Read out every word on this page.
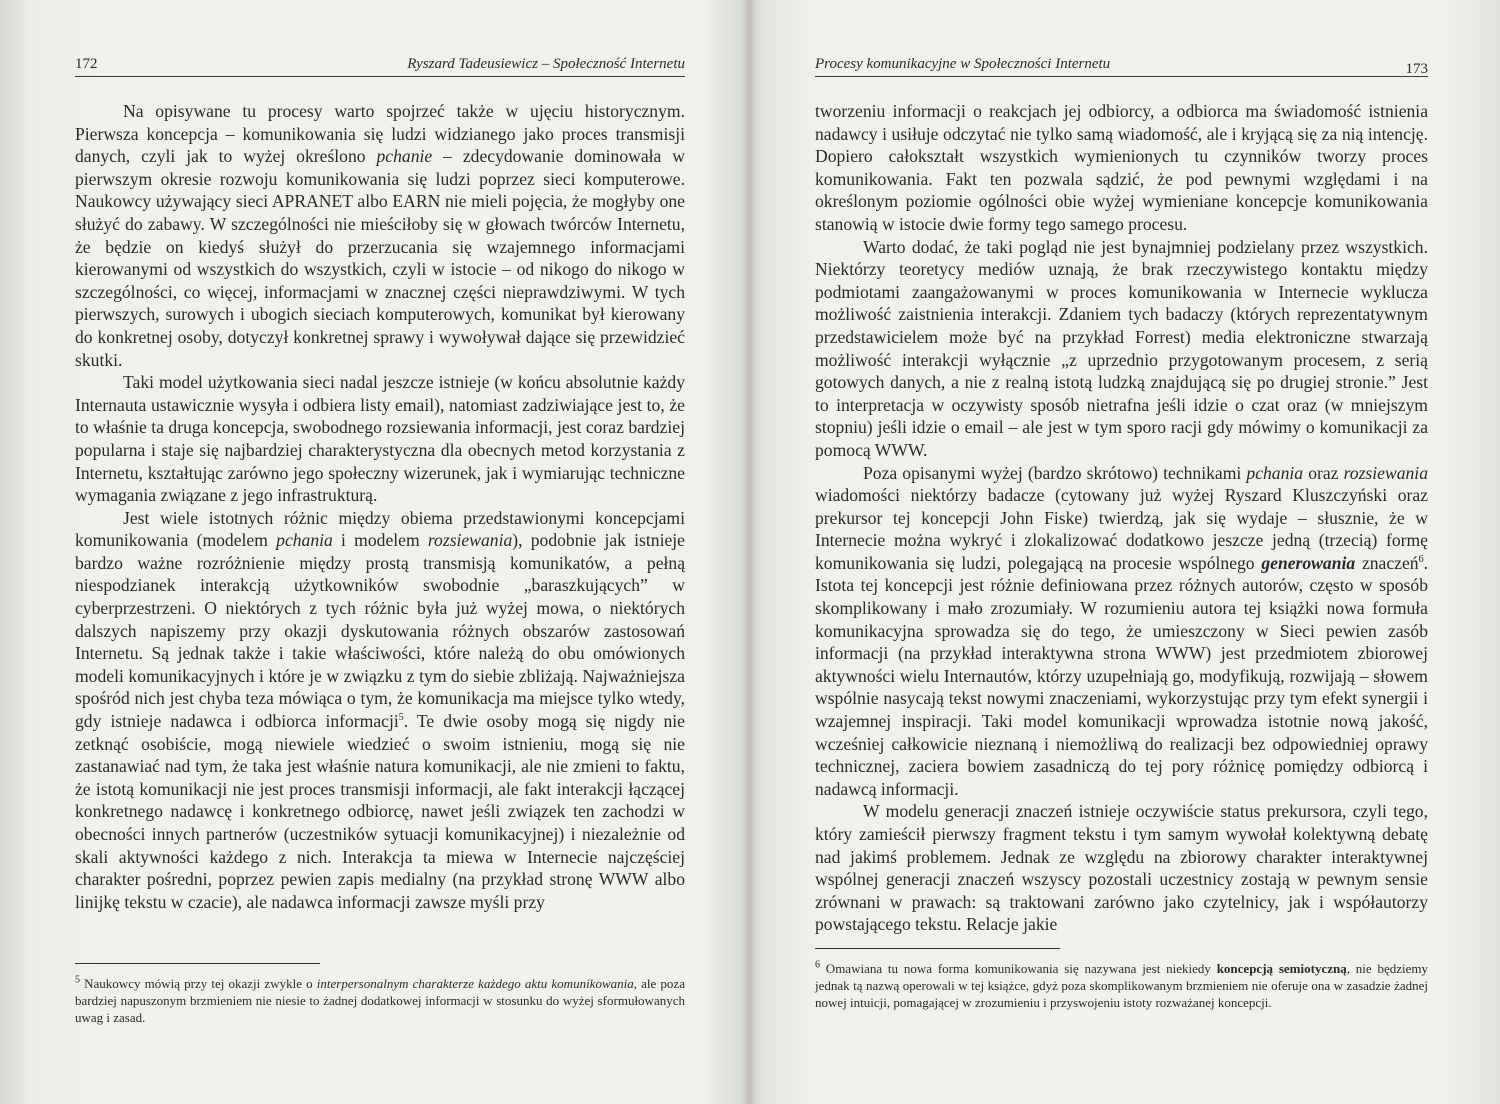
172	Ryszard Tadeusiewicz – Społeczność Internetu

Na opisywane tu procesy warto spojrzeć także w ujęciu historycznym. Pierwsza koncepcja – komunikowania się ludzi widzianego jako proces transmisji danych, czyli jak to wyżej określono pchanie – zdecydowanie dominowała w pierwszym okresie rozwoju komunikowania się ludzi poprzez sieci komputerowe. Naukowcy używający sieci APRANET albo EARN nie mieli pojęcia, że mogłyby one służyć do zabawy. W szczególności nie mieściłoby się w głowach twórców Internetu, że będzie on kiedyś służył do przerzucania się wzajemnego informacjami kierowanymi od wszystkich do wszystkich, czyli w istocie – od nikogo do nikogo w szczególności, co więcej, informacjami w znacznej części nieprawdziwymi. W tych pierwszych, surowych i ubogich sieciach komputerowych, komunikat był kierowany do konkretnej osoby, dotyczył konkretnej sprawy i wywoływał dające się przewidzieć skutki.

Taki model użytkowania sieci nadal jeszcze istnieje (w końcu absolutnie każdy Internauta ustawicznie wysyła i odbiera listy email), natomiast zadziwiające jest to, że to właśnie ta druga koncepcja, swobodnego rozsiewania informacji, jest coraz bardziej popularna i staje się najbardziej charakterystyczna dla obecnych metod korzystania z Internetu, kształtując zarówno jego społeczny wizerunek, jak i wymiarując techniczne wymagania związane z jego infrastrukturą.

Jest wiele istotnych różnic między obiema przedstawionymi koncepcjami komunikowania (modelem pchania i modelem rozsiewania), podobnie jak istnieje bardzo ważne rozróżnienie między prostą transmisją komunikatów, a pełną niespodzianek interakcją użytkowników swobodnie „baraszkujących” w cyberprzestrzeni. O niektórych z tych różnic była już wyżej mowa, o niektórych dalszych napiszemy przy okazji dyskutowania różnych obszarów zastosowań Internetu. Są jednak także i takie właściwości, które należą do obu omówionych modeli komunikacyjnych i które je w związku z tym do siebie zbliżają. Najważniejsza spośród nich jest chyba teza mówiąca o tym, że komunikacja ma miejsce tylko wtedy, gdy istnieje nadawca i odbiorca informacji$^5$. Te dwie osoby mogą się nigdy nie zetknąć osobiście, mogą niewiele wiedzieć o swoim istnieniu, mogą się nie zastanawiać nad tym, że taka jest właśnie natura komunikacji, ale nie zmieni to faktu, że istotą komunikacji nie jest proces transmisji informacji, ale fakt interakcji łączącej konkretnego nadawcę i konkretnego odbiorcę, nawet jeśli związek ten zachodzi w obecności innych partnerów (uczestników sytuacji komunikacyjnej) i niezależnie od skali aktywności każdego z nich. Interakcja ta miewa w Internecie najczęściej charakter pośredni, poprzez pewien zapis medialny (na przykład stronę WWW albo linijkę tekstu w czacie), ale nadawca informacji zawsze myśli przy

$^5$ Naukowcy mówią przy tej okazji zwykle o interpersonalnym charakterze każdego aktu komunikowania, ale poza bardziej napuszonym brzmieniem nie niesie to żadnej dodatkowej informacji w stosunku do wyżej sformułowanych uwag i zasad.
Procesy komunikacyjne w Społeczności Internetu	173

tworzeniu informacji o reakcjach jej odbiorcy, a odbiorca ma świadomość istnienia nadawcy i usiłuje odczytać nie tylko samą wiadomość, ale i kryjącą się za nią intencję. Dopiero całokształt wszystkich wymienionych tu czynników tworzy proces komunikowania. Fakt ten pozwala sądzić, że pod pewnymi względami i na określonym poziomie ogólności obie wyżej wymieniane koncepcje komunikowania stanowią w istocie dwie formy tego samego procesu.

Warto dodać, że taki pogląd nie jest bynajmniej podzielany przez wszystkich. Niektórzy teoretycy mediów uznają, że brak rzeczywistego kontaktu między podmiotami zaangażowanymi w proces komunikowania w Internecie wyklucza możliwość zaistnienia interakcji. Zdaniem tych badaczy (których reprezentatywnym przedstawicielem może być na przykład Forrest) media elektroniczne stwarzają możliwość interakcji wyłącznie „z uprzednio przygotowanym procesem, z serią gotowych danych, a nie z realną istotą ludzką znajdującą się po drugiej stronie.” Jest to interpretacja w oczywisty sposób nietrafna jeśli idzie o czat oraz (w mniejszym stopniu) jeśli idzie o email – ale jest w tym sporo racji gdy mówimy o komunikacji za pomocą WWW.

Poza opisanymi wyżej (bardzo skrótowo) technikami pchania oraz rozsiewania wiadomości niektórzy badacze (cytowany już wyżej Ryszard Kluszczyński oraz prekursor tej koncepcji John Fiske) twierdzą, jak się wydaje – słusznie, że w Internecie można wykryć i zlokalizować dodatkowo jeszcze jedną (trzecią) formę komunikowania się ludzi, polegającą na procesie wspólnego generowania znaczeń$^6$. Istota tej koncepcji jest różnie definiowana przez różnych autorów, często w sposób skomplikowany i mało zrozumiały. W rozumieniu autora tej książki nowa formuła komunikacyjna sprowadza się do tego, że umieszczony w Sieci pewien zasób informacji (na przykład interaktywna strona WWW) jest przedmiotem zbiorowej aktywności wielu Internautów, którzy uzupełniają go, modyfikują, rozwijają – słowem wspólnie nasycają tekst nowymi znaczeniami, wykorzystując przy tym efekt synergii i wzajemnej inspiracji. Taki model komunikacji wprowadza istotnie nową jakość, wcześniej całkowicie nieznaną i niemożliwą do realizacji bez odpowiedniej oprawy technicznej, zaciera bowiem zasadniczą do tej pory różnicę pomiędzy odbiorcą i nadawcą informacji.

W modelu generacji znaczeń istnieje oczywiście status prekursora, czyli tego, który zamieścił pierwszy fragment tekstu i tym samym wywołał kolektywną debatę nad jakimś problemem. Jednak ze względu na zbiorowy charakter interaktywnej wspólnej generacji znaczeń wszyscy pozostali uczestnicy zostają w pewnym sensie zrównani w prawach: są traktowani zarówno jako czytelnicy, jak i współautorzy powstającego tekstu. Relacje jakie

$^6$ Omawiana tu nowa forma komunikowania się nazywana jest niekiedy koncepcją semiotyczną, nie będziemy jednak tą nazwą operowali w tej książce, gdyż poza skomplikowanym brzmieniem nie oferuje ona w zasadzie żadnej nowej intuicji, pomagającej w zrozumieniu i przyswojeniu istoty rozważanej koncepcji.
